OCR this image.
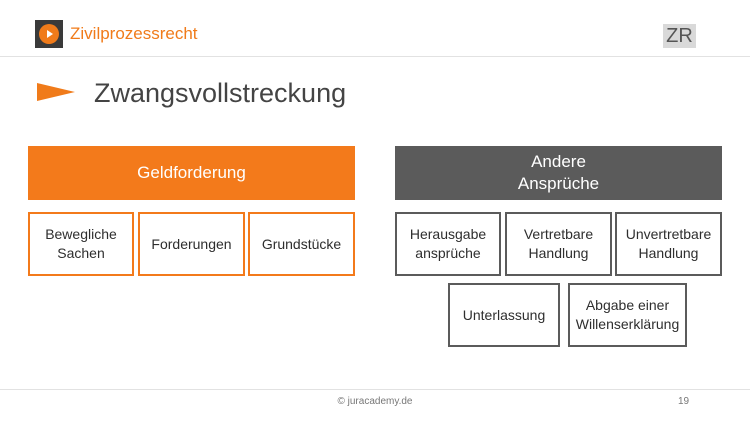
Zivilprozessrecht	ZR
Zwangsvollstreckung
Geldforderung
Bewegliche
Sachen
Forderungen	Grundstücke
Andere
Ansprüche
Herausgabe
ansprüche
Vertretbare
Handlung
Unvertretbare
Handlung
Unterlassung
Abgabe einer
Willenserklärung
© juracademy.de	19
